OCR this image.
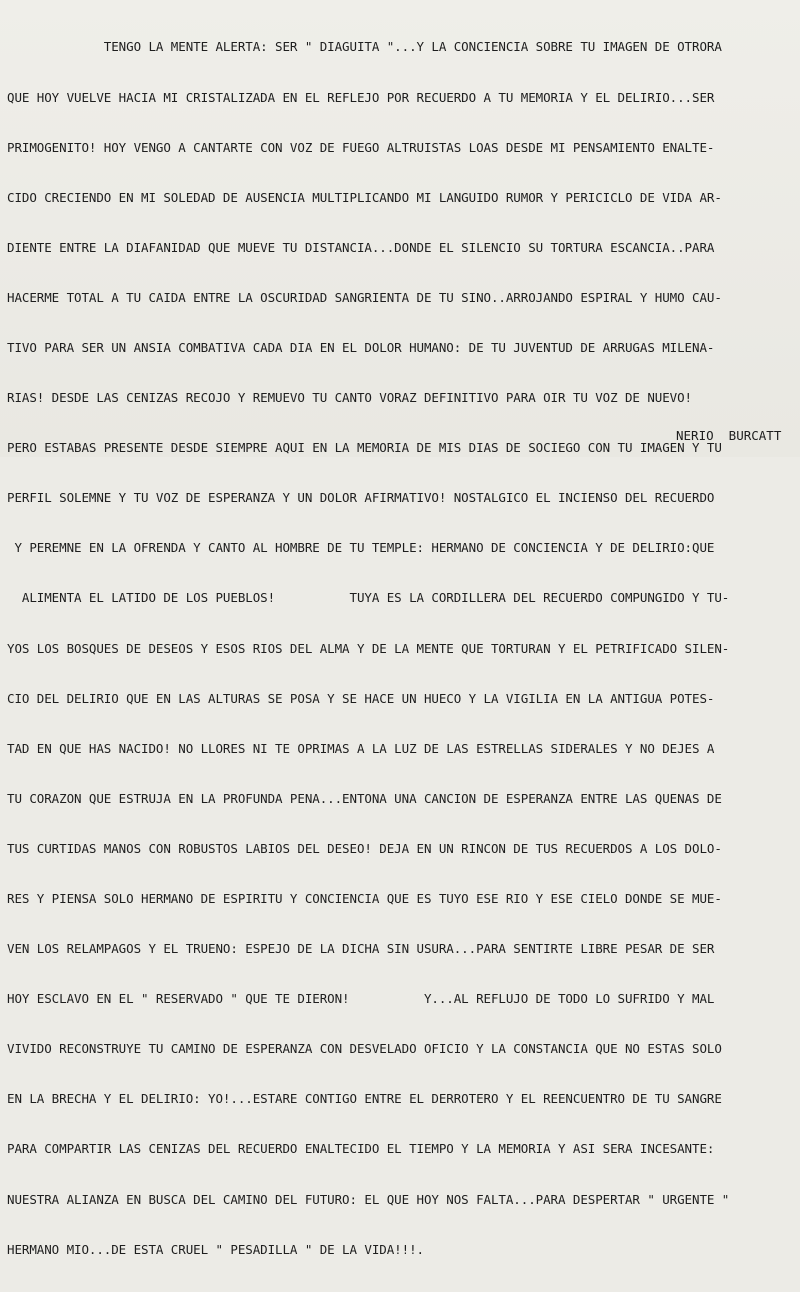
TENGO LA MENTE ALERTA: SER " DIAGUITA "...Y LA CONCIENCIA SOBRE TU IMAGEN DE OTRORA

QUE HOY VUELVE HACIA MI CRISTALIZADA EN EL REFLEJO POR RECUERDO A TU MEMORIA Y EL DELIRIO...SER

PRIMOGENITO! HOY VENGO A CANTARTE CON VOZ DE FUEGO ALTRUISTAS LOAS DESDE MI PENSAMIENTO ENALTE-

CIDO CRECIENDO EN MI SOLEDAD DE AUSENCIA MULTIPLICANDO MI LANGUIDO RUMOR Y PERICICLO DE VIDA AR-

DIENTE ENTRE LA DIAFANIDAD QUE MUEVE TU DISTANCIA...DONDE EL SILENCIO SU TORTURA ESCANCIA..PARA

HACERME TOTAL A TU CAIDA ENTRE LA OSCURIDAD SANGRIENTA DE TU SINO..ARROJANDO ESPIRAL Y HUMO CAU-

TIVO PARA SER UN ANSIA COMBATIVA CADA DIA EN EL DOLOR HUMANO: DE TU JUVENTUD DE ARRUGAS MILENA-

RIAS! DESDE LAS CENIZAS RECOJO Y REMUEVO TU CANTO VORAZ DEFINITIVO PARA OIR TU VOZ DE NUEVO!

PERO ESTABAS PRESENTE DESDE SIEMPRE AQUI EN LA MEMORIA DE MIS DIAS DE SOCIEGO CON TU IMAGEN Y TU

PERFIL SOLEMNE Y TU VOZ DE ESPERANZA Y UN DOLOR AFIRMATIVO! NOSTALGICO EL INCIENSO DEL RECUERDO

Y PEREMNE EN LA OFRENDA Y CANTO AL HOMBRE DE TU TEMPLE: HERMANO DE CONCIENCIA Y DE DELIRIO:QUE

ALIMENTA EL LATIDO DE LOS PUEBLOS!          TUYA ES LA CORDILLERA DEL RECUERDO COMPUNGIDO Y TU-

YOS LOS BOSQUES DE DESEOS Y ESOS RIOS DEL ALMA Y DE LA MENTE QUE TORTURAN Y EL PETRIFICADO SILEN-

CIO DEL DELIRIO QUE EN LAS ALTURAS SE POSA Y SE HACE UN HUECO Y LA VIGILIA EN LA ANTIGUA POTES-

TAD EN QUE HAS NACIDO! NO LLORES NI TE OPRIMAS A LA LUZ DE LAS ESTRELLAS SIDERALES Y NO DEJES A

TU CORAZON QUE ESTRUJA EN LA PROFUNDA PENA...ENTONA UNA CANCION DE ESPERANZA ENTRE LAS QUENAS DE

TUS CURTIDAS MANOS CON ROBUSTOS LABIOS DEL DESEO! DEJA EN UN RINCON DE TUS RECUERDOS A LOS DOLO-

RES Y PIENSA SOLO HERMANO DE ESPIRITU Y CONCIENCIA QUE ES TUYO ESE RIO Y ESE CIELO DONDE SE MUE-

VEN LOS RELAMPAGOS Y EL TRUENO: ESPEJO DE LA DICHA SIN USURA...PARA SENTIRTE LIBRE PESAR DE SER

HOY ESCLAVO EN EL " RESERVADO " QUE TE DIERON!          Y...AL REFLUJO DE TODO LO SUFRIDO Y MAL

VIVIDO RECONSTRUYE TU CAMINO DE ESPERANZA CON DESVELADO OFICIO Y LA CONSTANCIA QUE NO ESTAS SOLO

EN LA BRECHA Y EL DELIRIO: YO!...ESTARE CONTIGO ENTRE EL DERROTERO Y EL REENCUENTRO DE TU SANGRE

PARA COMPARTIR LAS CENIZAS DEL RECUERDO ENALTECIDO EL TIEMPO Y LA MEMORIA Y ASI SERA INCESANTE:

NUESTRA ALIANZA EN BUSCA DEL CAMINO DEL FUTURO: EL QUE HOY NOS FALTA...PARA DESPERTAR " URGENTE "

HERMANO MIO...DE ESTA CRUEL " PESADILLA " DE LA VIDA!!!.

NERIO  BURCATT
